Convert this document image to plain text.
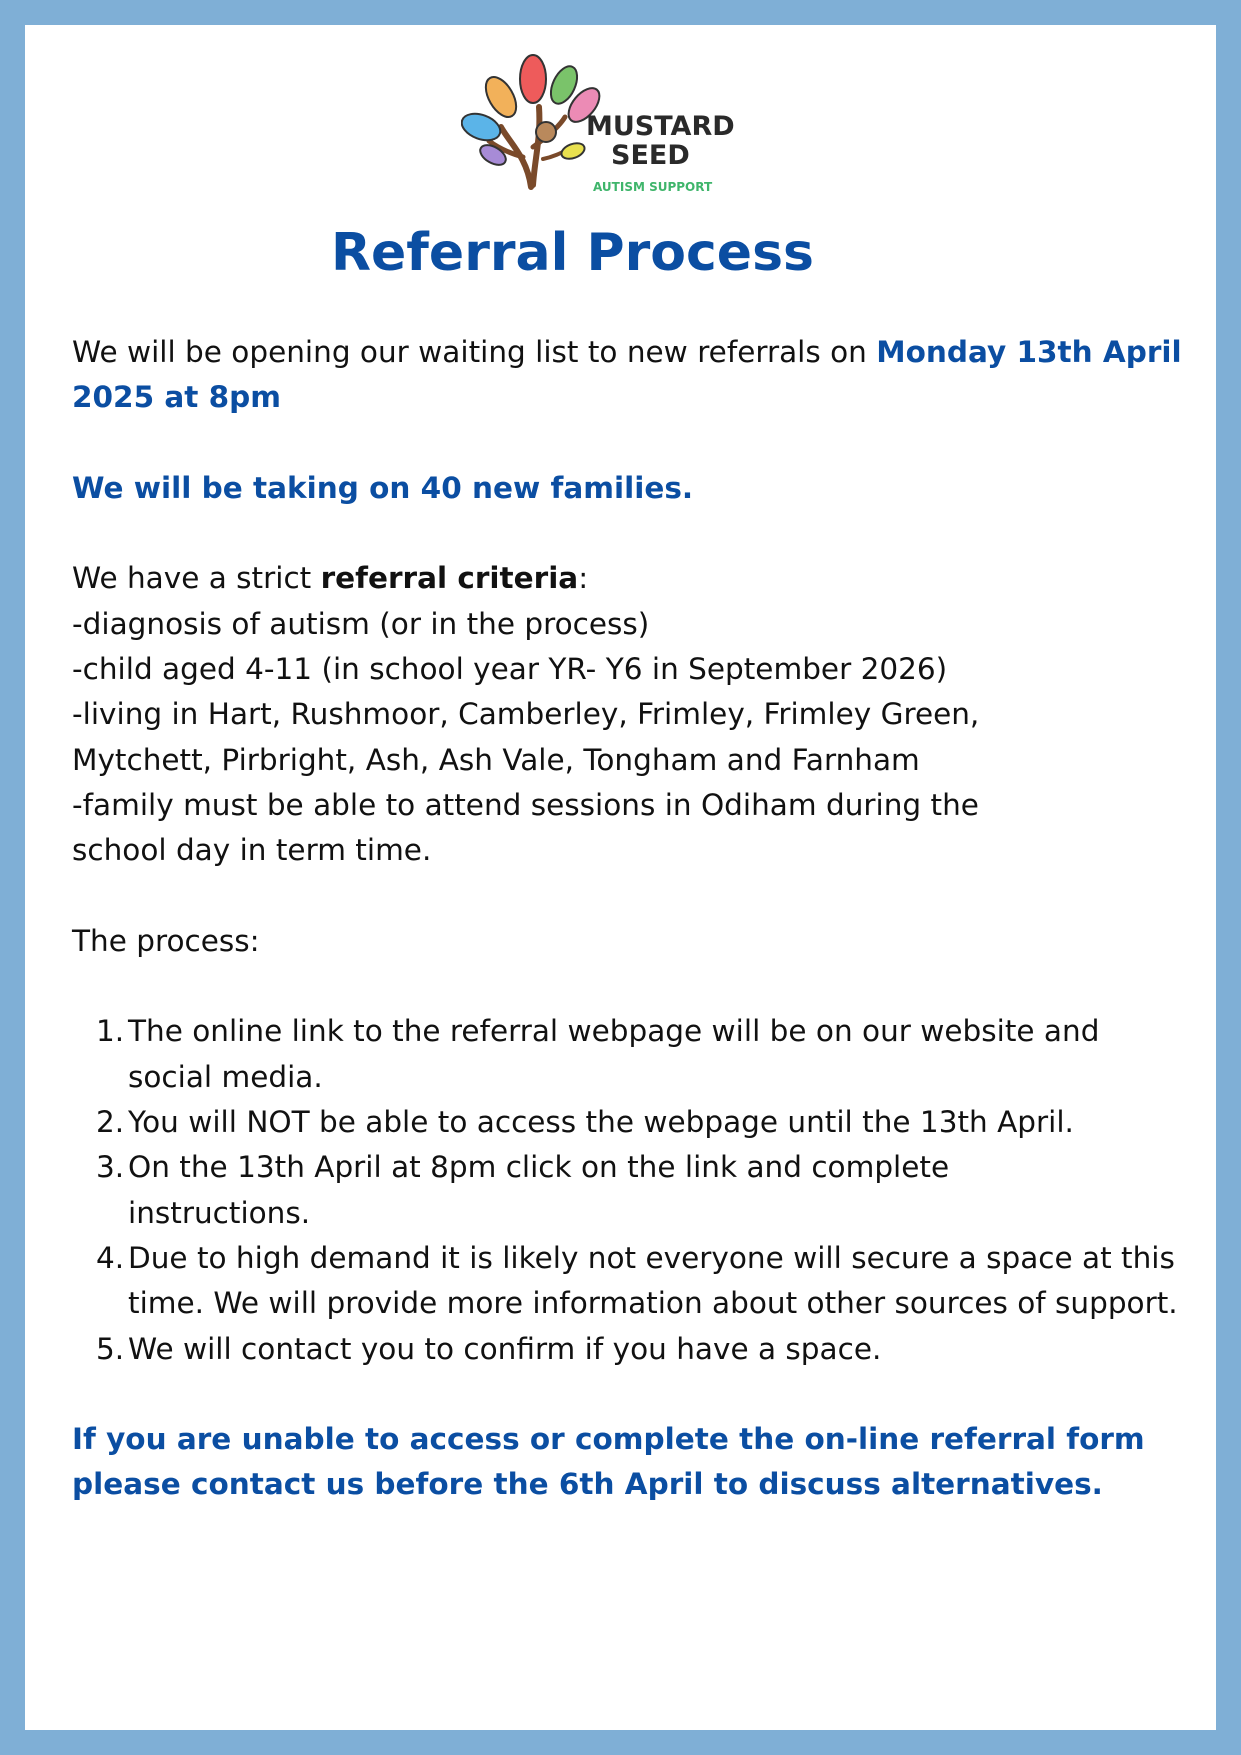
MUSTARD
SEED
AUTISM SUPPORT
Referral Process

We will be opening our waiting list to new referrals on Monday 13th April 2025 at 8pm

We will be taking on 40 new families.

We have a strict referral criteria:

-diagnosis of autism (or in the process)

-child aged 4-11 (in school year YR- Y6 in September 2026)

-living in Hart, Rushmoor, Camberley, Frimley, Frimley Green, Mytchett, Pirbright, Ash, Ash Vale, Tongham and Farnham

-family must be able to attend sessions in Odiham during the school day in term time.

The process:

1. The online link to the referral webpage will be on our website and social media.
2. You will NOT be able to access the webpage until the 13th April.
3. On the 13th April at 8pm click on the link and complete instructions.
4. Due to high demand it is likely not everyone will secure a space at this time. We will provide more information about other sources of support.
5. We will contact you to confirm if you have a space.

If you are unable to access or complete the on-line referral form please contact us before the 6th April to discuss alternatives.
